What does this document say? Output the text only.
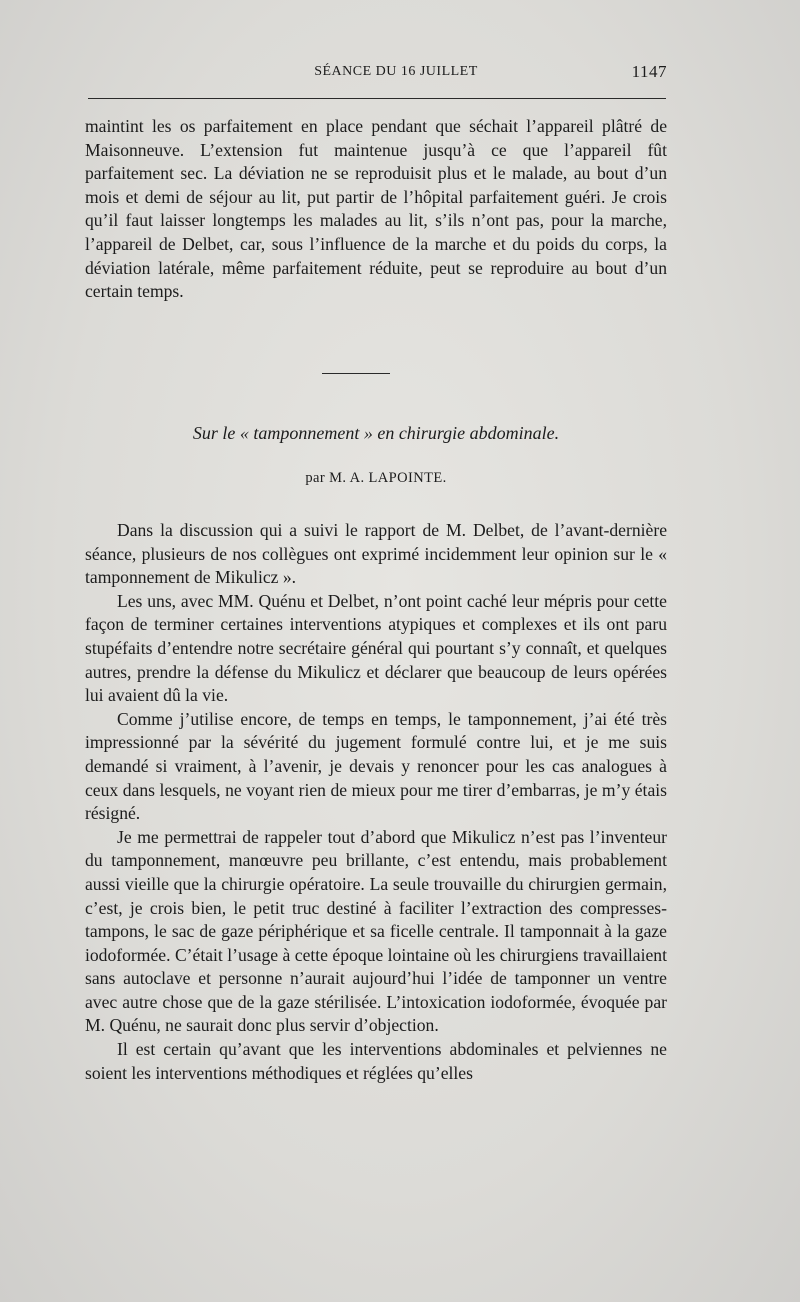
SÉANCE DU 16 JUILLET	1147

maintint les os parfaitement en place pendant que séchait l’appareil plâtré de Maisonneuve. L’extension fut maintenue jusqu’à ce que l’appareil fût parfaitement sec. La déviation ne se reproduisit plus et le malade, au bout d’un mois et demi de séjour au lit, put partir de l’hôpital parfaitement guéri. Je crois qu’il faut laisser longtemps les malades au lit, s’ils n’ont pas, pour la marche, l’appareil de Delbet, car, sous l’influence de la marche et du poids du corps, la déviation latérale, même parfaitement réduite, peut se reproduire au bout d’un certain temps.

Sur le « tamponnement » en chirurgie abdominale.
par M. A. LAPOINTE.

Dans la discussion qui a suivi le rapport de M. Delbet, de l’avant-dernière séance, plusieurs de nos collègues ont exprimé incidemment leur opinion sur le « tamponnement de Mikulicz ».

Les uns, avec MM. Quénu et Delbet, n’ont point caché leur mépris pour cette façon de terminer certaines interventions atypiques et complexes et ils ont paru stupéfaits d’entendre notre secrétaire général qui pourtant s’y connaît, et quelques autres, prendre la défense du Mikulicz et déclarer que beaucoup de leurs opérées lui avaient dû la vie.

Comme j’utilise encore, de temps en temps, le tamponnement, j’ai été très impressionné par la sévérité du jugement formulé contre lui, et je me suis demandé si vraiment, à l’avenir, je devais y renoncer pour les cas analogues à ceux dans lesquels, ne voyant rien de mieux pour me tirer d’embarras, je m’y étais résigné.

Je me permettrai de rappeler tout d’abord que Mikulicz n’est pas l’inventeur du tamponnement, manœuvre peu brillante, c’est entendu, mais probablement aussi vieille que la chirurgie opératoire. La seule trouvaille du chirurgien germain, c’est, je crois bien, le petit truc destiné à faciliter l’extraction des compresses-tampons, le sac de gaze périphérique et sa ficelle centrale. Il tamponnait à la gaze iodoformée. C’était l’usage à cette époque lointaine où les chirurgiens travaillaient sans autoclave et personne n’aurait aujourd’hui l’idée de tamponner un ventre avec autre chose que de la gaze stérilisée. L’intoxication iodoformée, évoquée par M. Quénu, ne saurait donc plus servir d’objection.

Il est certain qu’avant que les interventions abdominales et pelviennes ne soient les interventions méthodiques et réglées qu’elles
